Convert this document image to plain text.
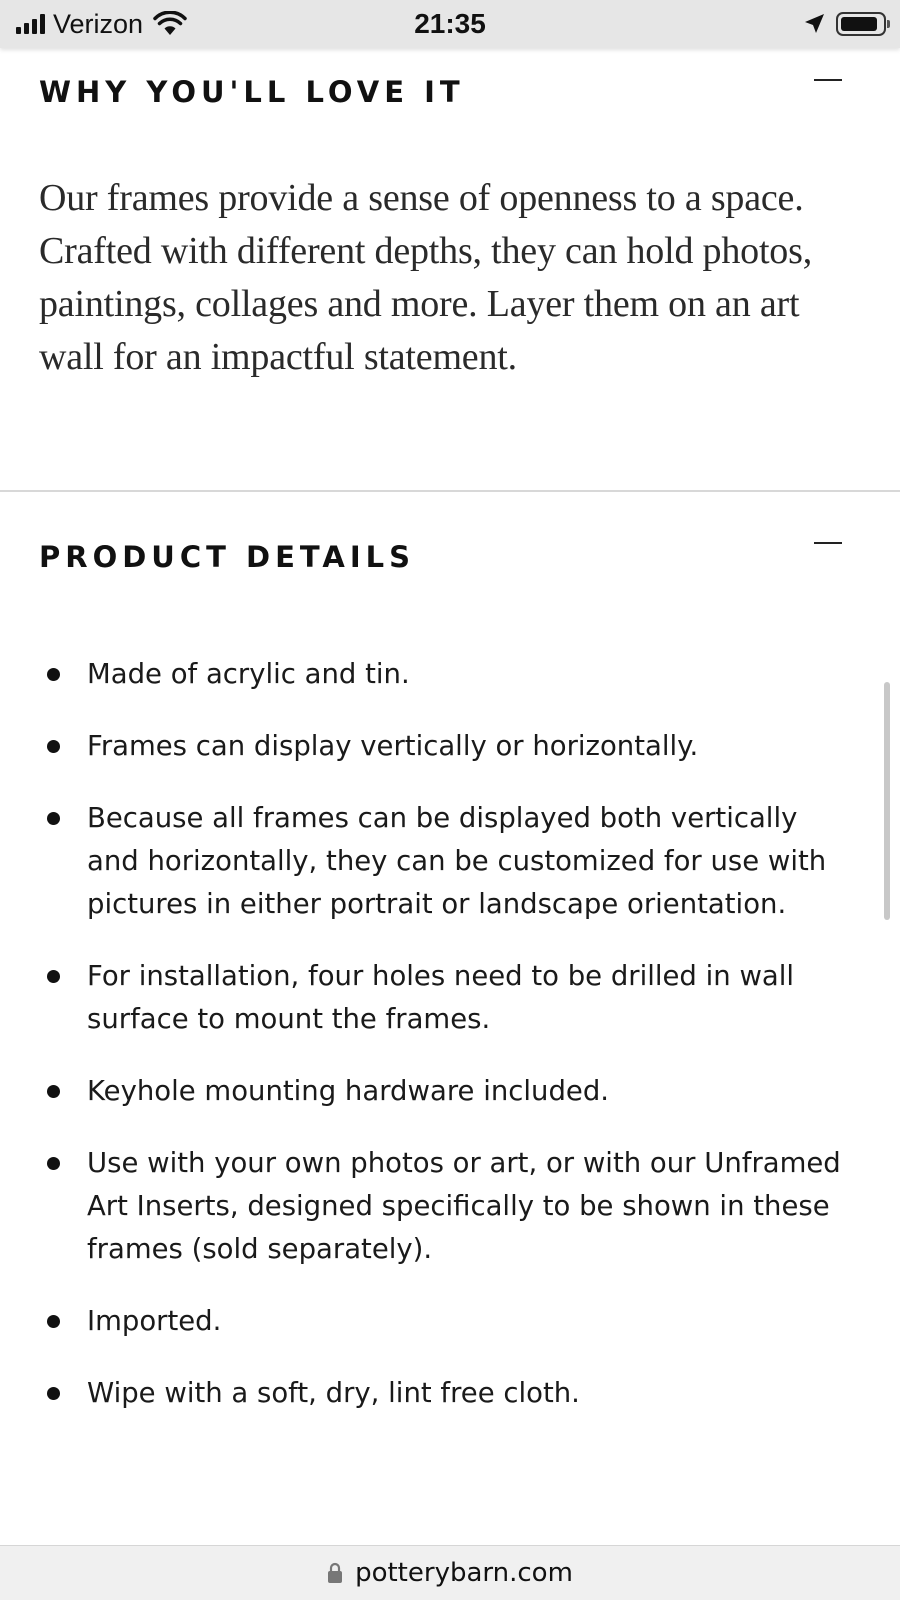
Verizon	21:35
WHY YOU'LL LOVE IT

Our frames provide a sense of openness to a space. Crafted with different depths, they can hold photos, paintings, collages and more. Layer them on an art wall for an impactful statement.

PRODUCT DETAILS
Made of acrylic and tin.
Frames can display vertically or horizontally.
Because all frames can be displayed both vertically and horizontally, they can be customized for use with pictures in either portrait or landscape orientation.
For installation, four holes need to be drilled in wall surface to mount the frames.
Keyhole mounting hardware included.
Use with your own photos or art, or with our Unframed Art Inserts, designed specifically to be shown in these frames (sold separately).
Imported.
Wipe with a soft, dry, lint free cloth.
potterybarn.com
